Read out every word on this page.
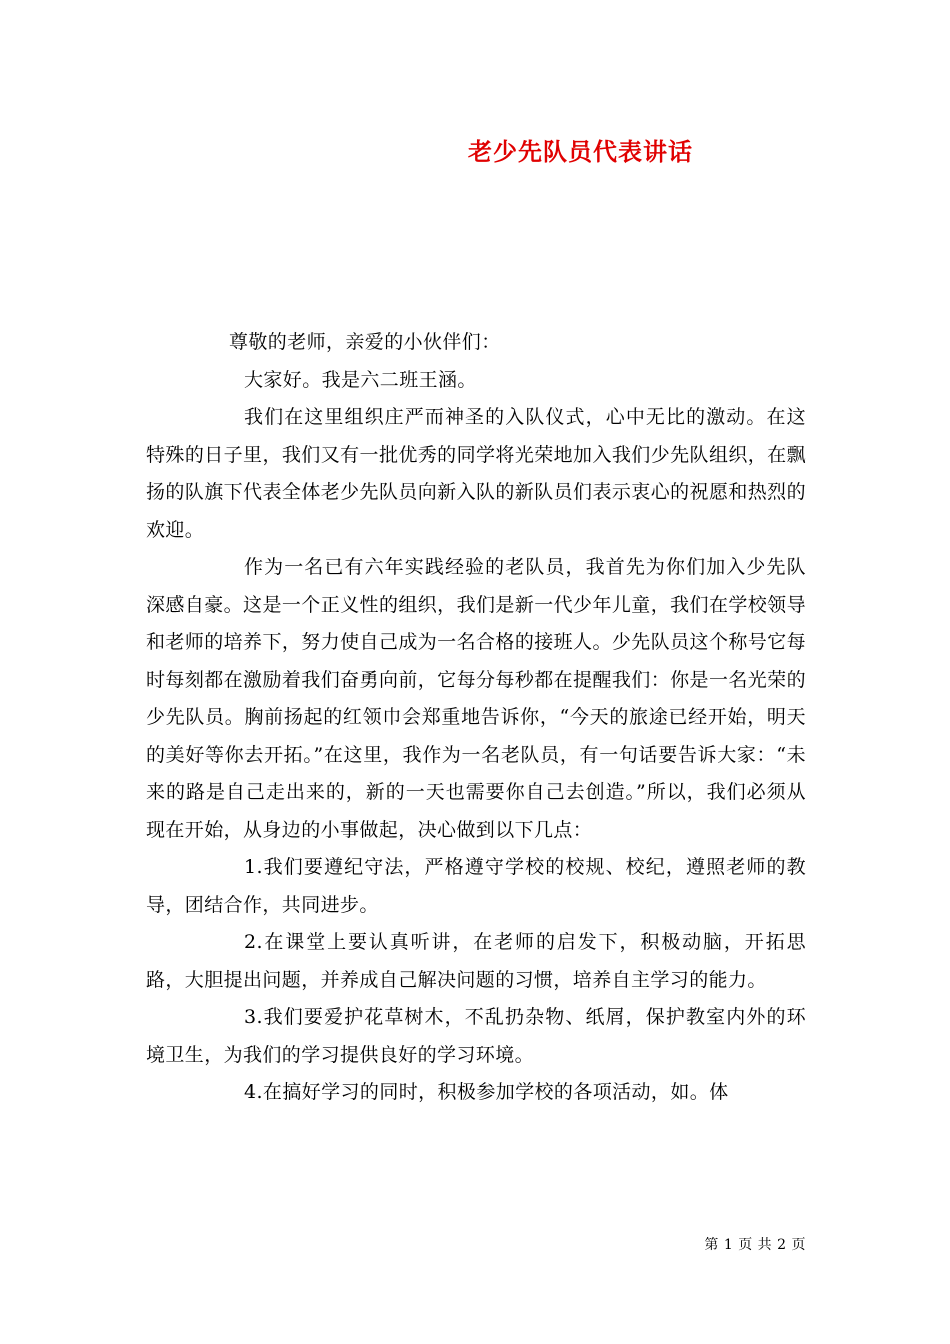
老少先队员代表讲话

尊敬的老师，亲爱的小伙伴们：

大家好。我是六二班王涵。

我们在这里组织庄严而神圣的入队仪式，心中无比的激动。在这特殊的日子里，我们又有一批优秀的同学将光荣地加入我们少先队组织，在飘扬的队旗下代表全体老少先队员向新入队的新队员们表示衷心的祝愿和热烈的欢迎。

作为一名已有六年实践经验的老队员，我首先为你们加入少先队深感自豪。这是一个正义性的组织，我们是新一代少年儿童，我们在学校领导和老师的培养下，努力使自己成为一名合格的接班人。少先队员这个称号它每时每刻都在激励着我们奋勇向前，它每分每秒都在提醒我们：你是一名光荣的少先队员。胸前扬起的红领巾会郑重地告诉你，“今天的旅途已经开始，明天的美好等你去开拓。”在这里，我作为一名老队员，有一句话要告诉大家：“未来的路是自己走出来的，新的一天也需要你自己去创造。”所以，我们必须从现在开始，从身边的小事做起，决心做到以下几点：

1.我们要遵纪守法，严格遵守学校的校规、校纪，遵照老师的教导，团结合作，共同进步。

2.在课堂上要认真听讲，在老师的启发下，积极动脑，开拓思路，大胆提出问题，并养成自己解决问题的习惯，培养自主学习的能力。

3.我们要爱护花草树木，不乱扔杂物、纸屑，保护教室内外的环境卫生，为我们的学习提供良好的学习环境。

4.在搞好学习的同时，积极参加学校的各项活动，如。体

第 1 页 共 2 页
